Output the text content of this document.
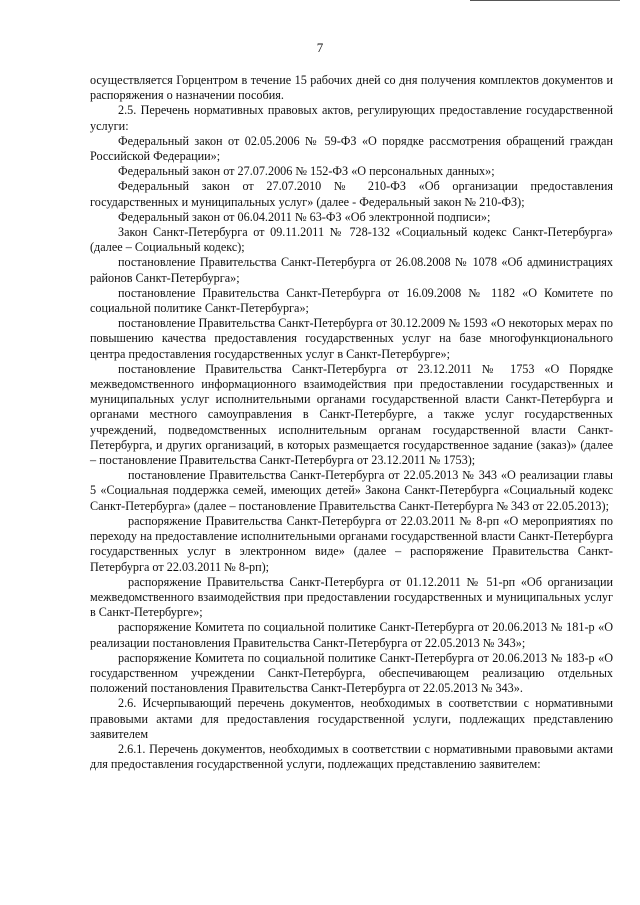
7

осуществляется Горцентром в течение 15 рабочих дней со дня получения комплектов документов и распоряжения о назначении пособия.

2.5. Перечень нормативных правовых актов, регулирующих предоставление государственной услуги:

Федеральный закон от 02.05.2006 № 59-ФЗ «О порядке рассмотрения обращений граждан Российской Федерации»;

Федеральный закон от 27.07.2006 № 152-ФЗ «О персональных данных»;

Федеральный закон от 27.07.2010 № 210-ФЗ «Об организации предоставления государственных и муниципальных услуг» (далее - Федеральный закон № 210-ФЗ);

Федеральный закон от 06.04.2011 № 63-ФЗ «Об электронной подписи»;

Закон Санкт-Петербурга от 09.11.2011 № 728-132 «Социальный кодекс Санкт-Петербурга» (далее – Социальный кодекс);

постановление Правительства Санкт-Петербурга от 26.08.2008 № 1078 «Об администрациях районов Санкт-Петербурга»;

постановление Правительства Санкт-Петербурга от 16.09.2008 № 1182 «О Комитете по социальной политике Санкт-Петербурга»;

постановление Правительства Санкт-Петербурга от 30.12.2009 № 1593 «О некоторых мерах по повышению качества предоставления государственных услуг на базе многофункционального центра предоставления государственных услуг в Санкт-Петербурге»;

постановление Правительства Санкт-Петербурга от 23.12.2011 № 1753 «О Порядке межведомственного информационного взаимодействия при предоставлении государственных и муниципальных услуг исполнительными органами государственной власти Санкт-Петербурга и органами местного самоуправления в Санкт-Петербурге, а также услуг государственных учреждений, подведомственных исполнительным органам государственной власти Санкт-Петербурга, и других организаций, в которых размещается государственное задание (заказ)» (далее – постановление Правительства Санкт-Петербурга от 23.12.2011 № 1753);

постановление Правительства Санкт-Петербурга от 22.05.2013 № 343 «О реализации главы 5 «Социальная поддержка семей, имеющих детей» Закона Санкт-Петербурга «Социальный кодекс Санкт-Петербурга» (далее – постановление Правительства Санкт-Петербурга № 343 от 22.05.2013);

распоряжение Правительства Санкт-Петербурга от 22.03.2011 № 8-рп «О мероприятиях по переходу на предоставление исполнительными органами государственной власти Санкт-Петербурга государственных услуг в электронном виде» (далее – распоряжение Правительства Санкт-Петербурга от 22.03.2011 № 8-рп);

распоряжение Правительства Санкт-Петербурга от 01.12.2011 № 51-рп «Об организации межведомственного взаимодействия при предоставлении государственных и муниципальных услуг в Санкт-Петербурге»;

распоряжение Комитета по социальной политике Санкт-Петербурга от 20.06.2013 № 181-р «О реализации постановления Правительства Санкт-Петербурга от 22.05.2013 № 343»;

распоряжение Комитета по социальной политике Санкт-Петербурга от 20.06.2013 № 183-р «О государственном учреждении Санкт-Петербурга, обеспечивающем реализацию отдельных положений постановления Правительства Санкт-Петербурга от 22.05.2013 № 343».

2.6. Исчерпывающий перечень документов, необходимых в соответствии с нормативными правовыми актами для предоставления государственной услуги, подлежащих представлению заявителем

2.6.1. Перечень документов, необходимых в соответствии с нормативными правовыми актами для предоставления государственной услуги, подлежащих представлению заявителем:
